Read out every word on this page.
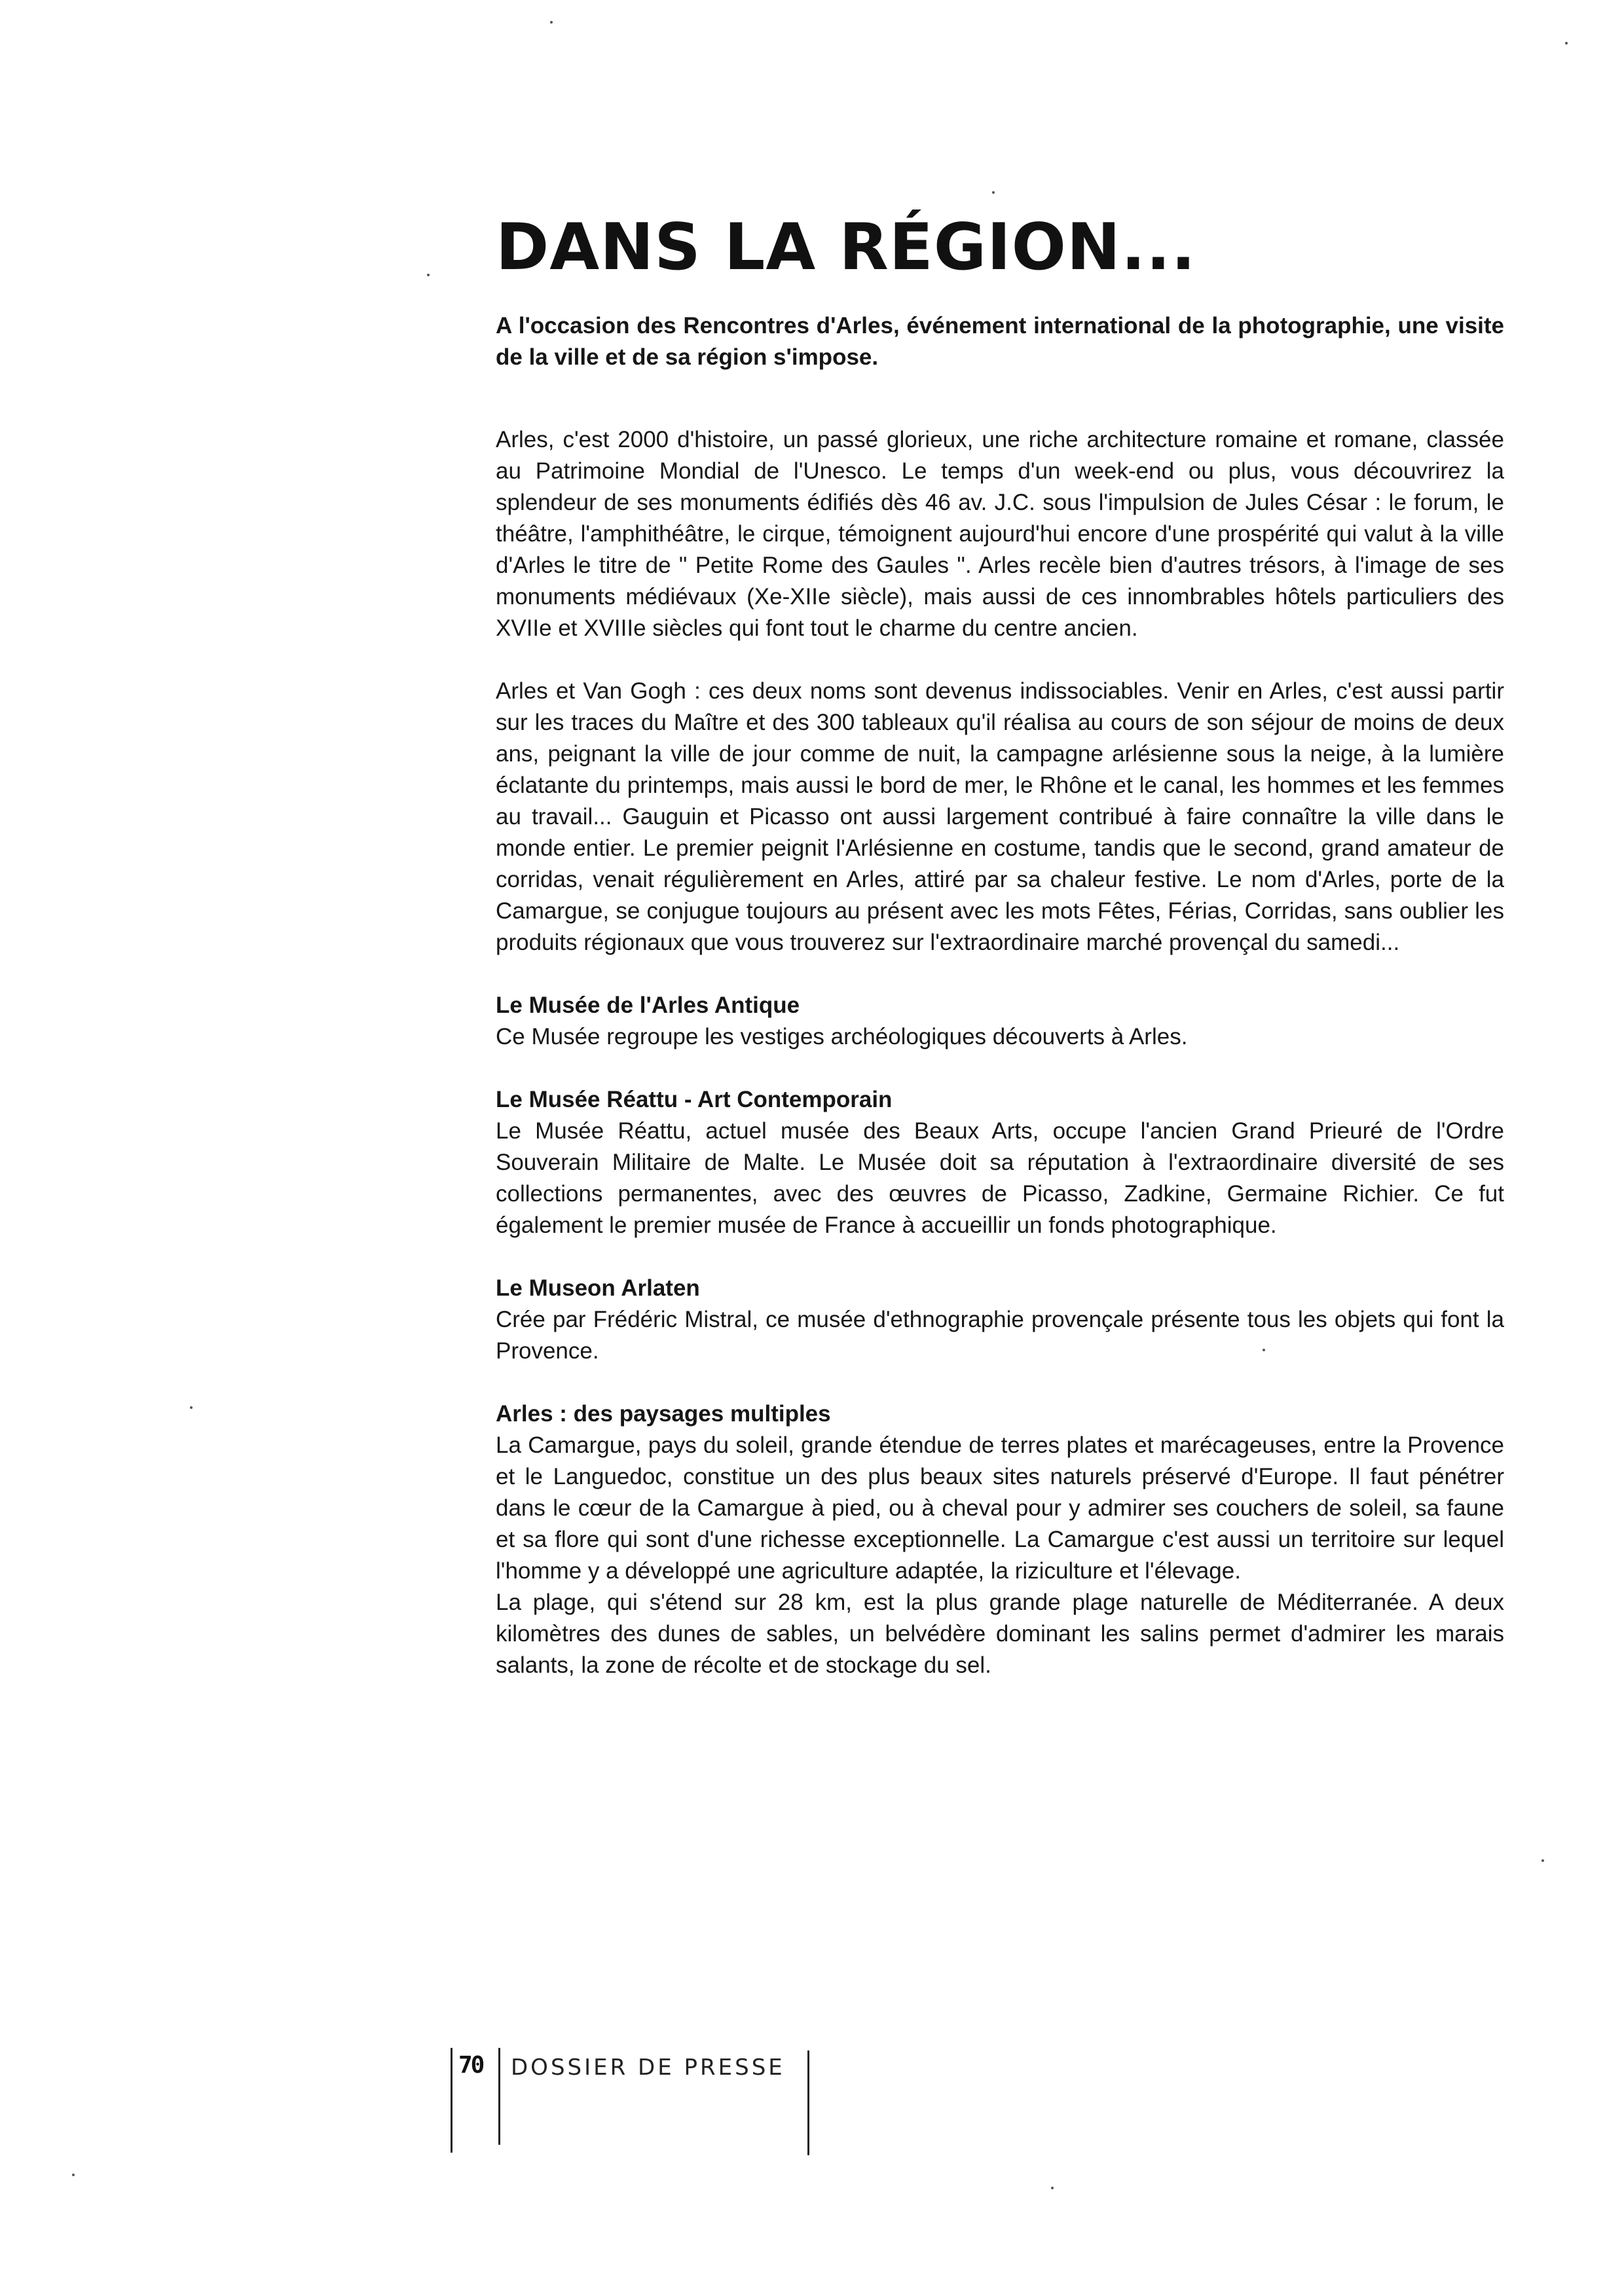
DANS LA RÉGION...

A l'occasion des Rencontres d'Arles, événement international de la photographie, une visite de la ville et de sa région s'impose.

Arles, c'est 2000 d'histoire, un passé glorieux, une riche architecture romaine et romane, classée au Patrimoine Mondial de l'Unesco. Le temps d'un week-end ou plus, vous découvrirez la splendeur de ses monuments édifiés dès 46 av. J.C. sous l'impulsion de Jules César : le forum, le théâtre, l'amphithéâtre, le cirque, témoignent aujourd'hui encore d'une prospérité qui valut à la ville d'Arles le titre de " Petite Rome des Gaules ". Arles recèle bien d'autres trésors, à l'image de ses monuments médiévaux (Xe-XIIe siècle), mais aussi de ces innombrables hôtels particuliers des XVIIe et XVIIIe siècles qui font tout le charme du centre ancien.

Arles et Van Gogh : ces deux noms sont devenus indissociables. Venir en Arles, c'est aussi partir sur les traces du Maître et des 300 tableaux qu'il réalisa au cours de son séjour de moins de deux ans, peignant la ville de jour comme de nuit, la campagne arlésienne sous la neige, à la lumière éclatante du printemps, mais aussi le bord de mer, le Rhône et le canal, les hommes et les femmes au travail... Gauguin et Picasso ont aussi largement contribué à faire connaître la ville dans le monde entier. Le premier peignit l'Arlésienne en costume, tandis que le second, grand amateur de corridas, venait régulièrement en Arles, attiré par sa chaleur festive. Le nom d'Arles, porte de la Camargue, se conjugue toujours au présent avec les mots Fêtes, Férias, Corridas, sans oublier les produits régionaux que vous trouverez sur l'extraordinaire marché provençal du samedi...

Le Musée de l'Arles Antique

Ce Musée regroupe les vestiges archéologiques découverts à Arles.

Le Musée Réattu - Art Contemporain

Le Musée Réattu, actuel musée des Beaux Arts, occupe l'ancien Grand Prieuré de l'Ordre Souverain Militaire de Malte. Le Musée doit sa réputation à l'extraordinaire diversité de ses collections permanentes, avec des œuvres de Picasso, Zadkine, Germaine Richier. Ce fut également le premier musée de France à accueillir un fonds photographique.

Le Museon Arlaten

Crée par Frédéric Mistral, ce musée d'ethnographie provençale présente tous les objets qui font la Provence.

Arles : des paysages multiples

La Camargue, pays du soleil, grande étendue de terres plates et marécageuses, entre la Provence et le Languedoc, constitue un des plus beaux sites naturels préservé d'Europe. Il faut pénétrer dans le cœur de la Camargue à pied, ou à cheval pour y admirer ses couchers de soleil, sa faune et sa flore qui sont d'une richesse exceptionnelle. La Camargue c'est aussi un territoire sur lequel l'homme y a développé une agriculture adaptée, la riziculture et l'élevage.

La plage, qui s'étend sur 28 km, est la plus grande plage naturelle de Méditerranée. A deux kilomètres des dunes de sables, un belvédère dominant les salins permet d'admirer les marais salants, la zone de récolte et de stockage du sel.

70 DOSSIER DE PRESSE
